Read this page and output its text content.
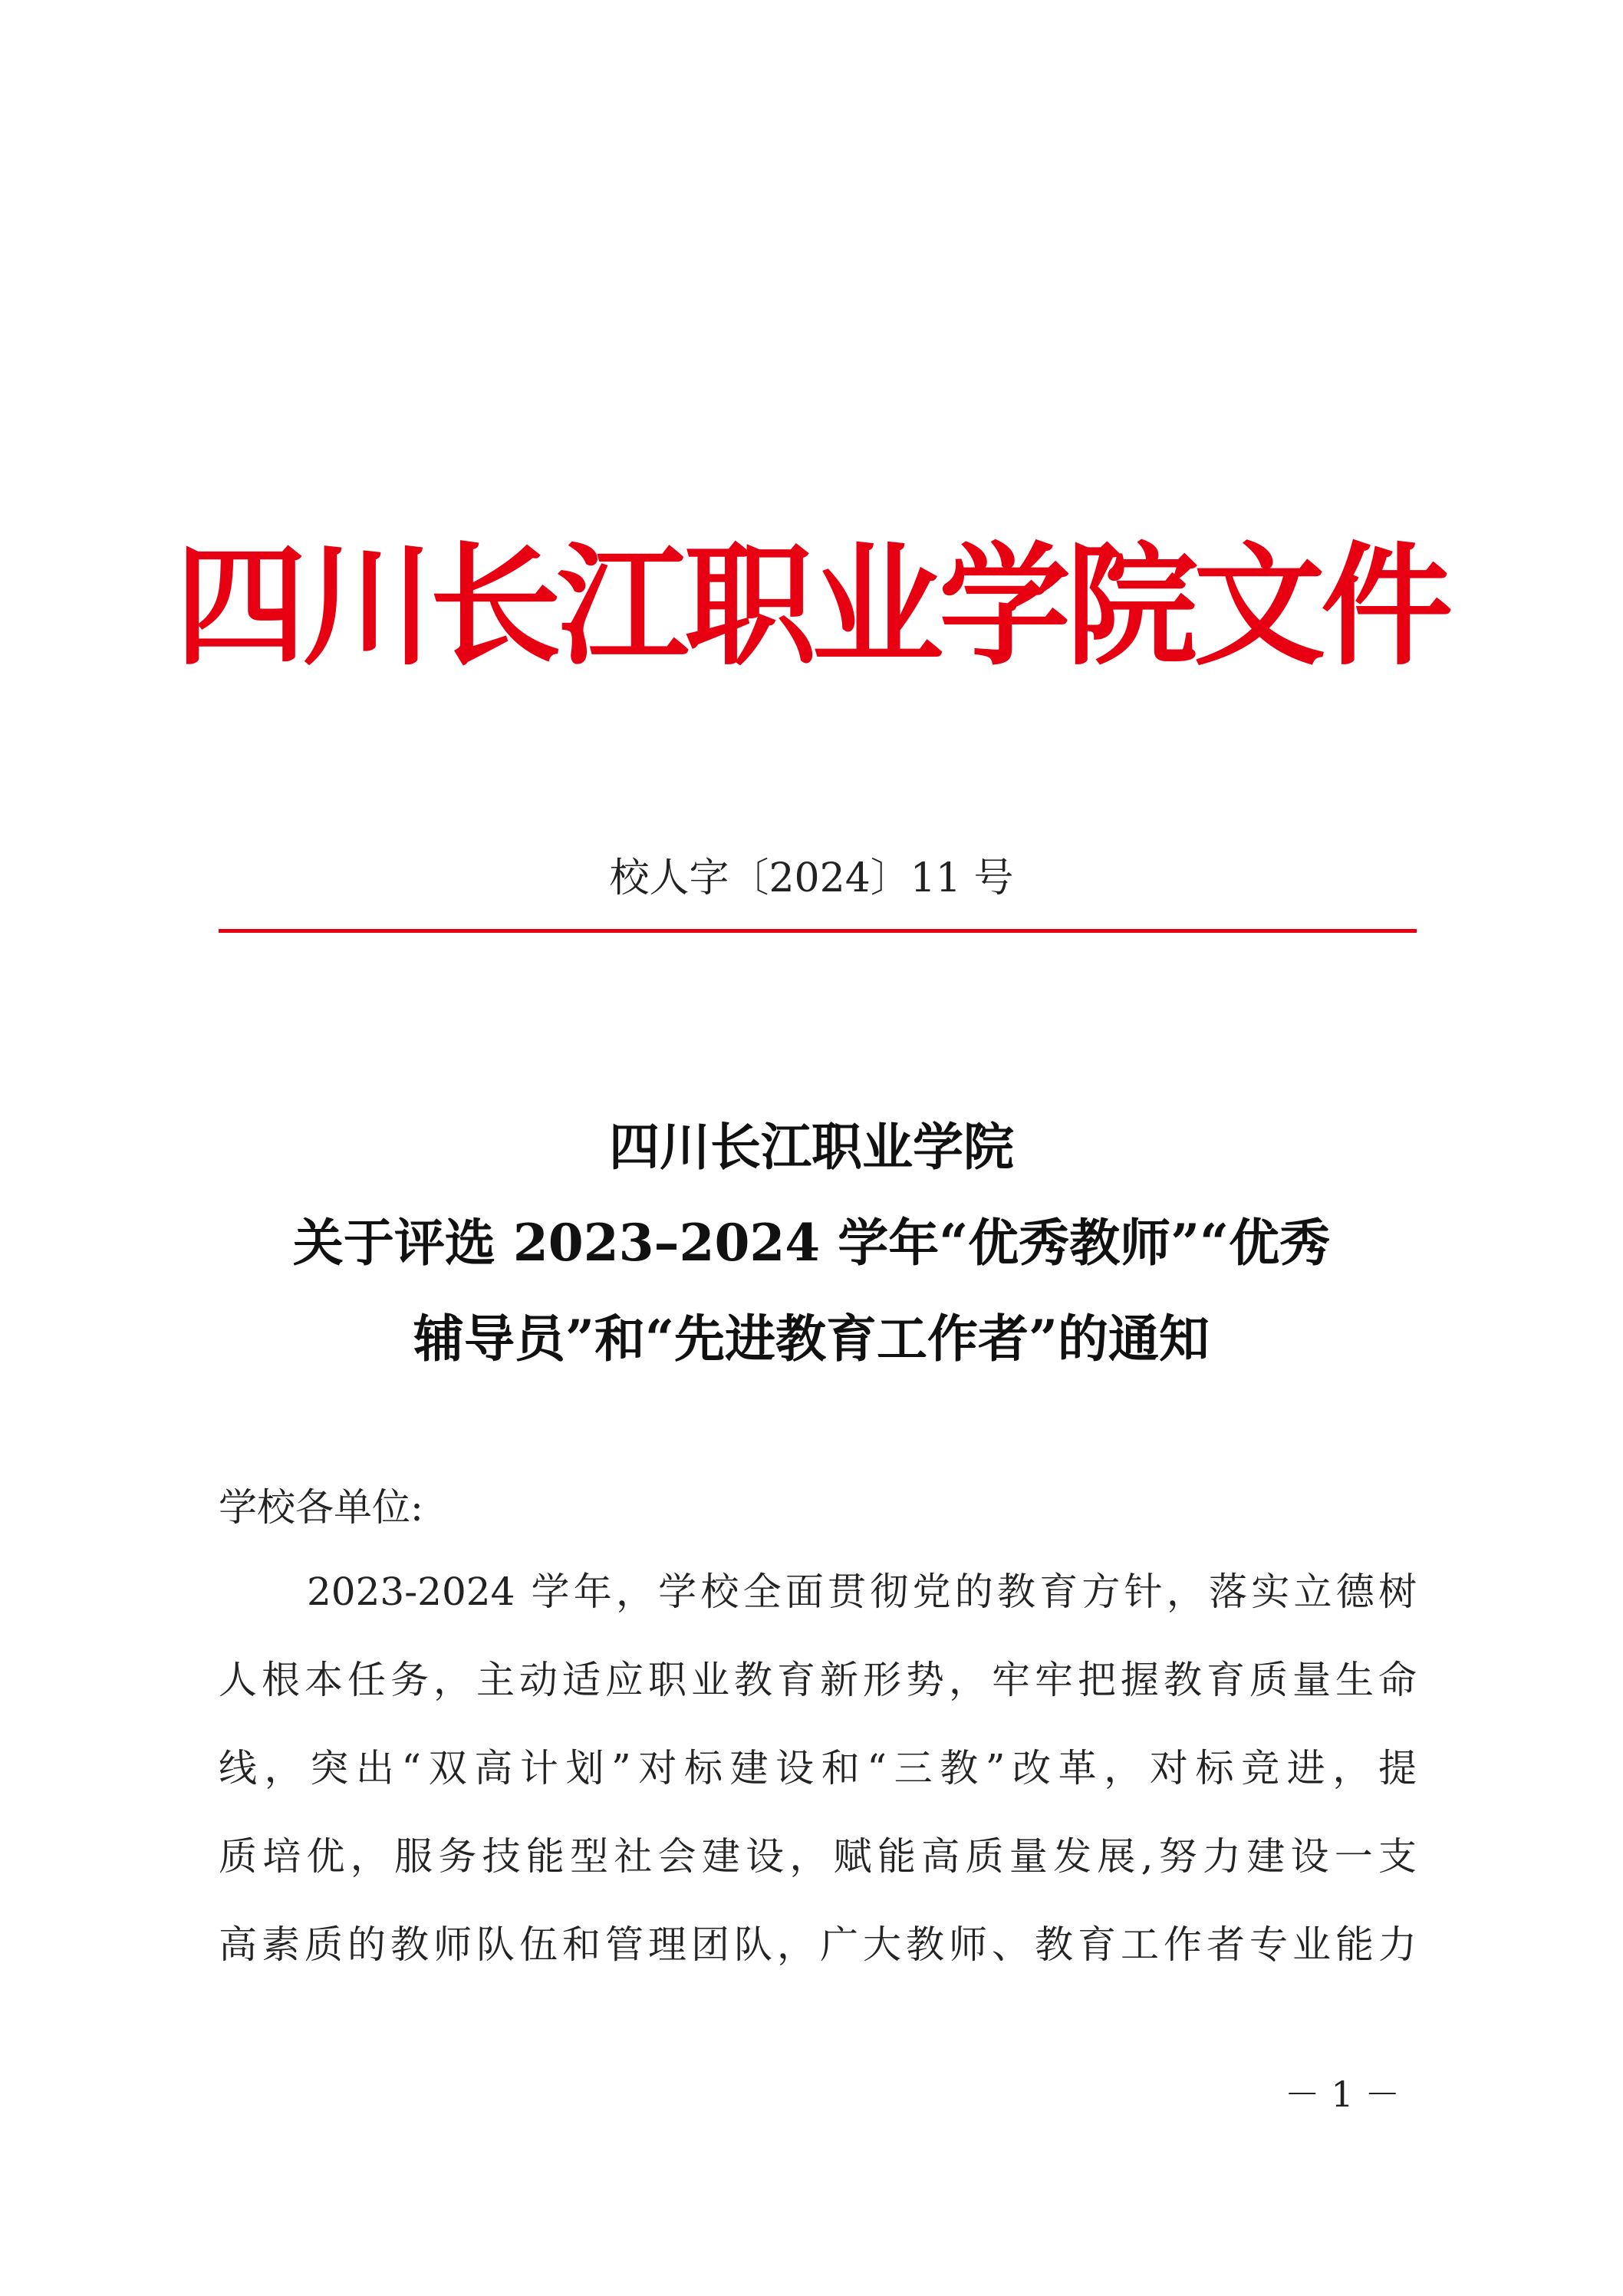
四川长江职业学院文件
校人字〔2024〕11 号
四川长江职业学院
关于评选 2023–2024 学年“优秀教师”“优秀
辅导员”和“先进教育工作者”的通知
学校各单位:
2023-2024 学年，学校全面贯彻党的教育方针，落实立德树
人根本任务，主动适应职业教育新形势，牢牢把握教育质量生命
线，突出“双高计划”对标建设和“三教”改革，对标竞进，提
质培优，服务技能型社会建设，赋能高质量发展,努力建设一支
高素质的教师队伍和管理团队，广大教师、教育工作者专业能力
－ 1 －
